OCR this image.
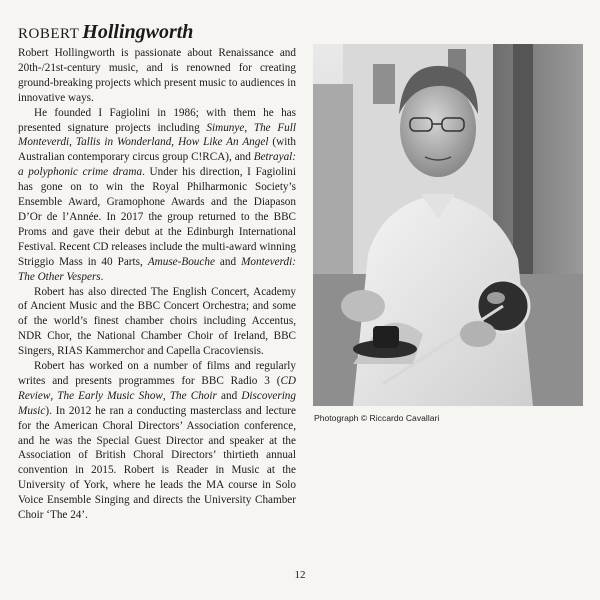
ROBERT Hollingworth

Robert Hollingworth is passionate about Renaissance and 20th-/21st-century music, and is renowned for creating ground-breaking projects which present music to audiences in innovative ways.

He founded I Fagiolini in 1986; with them he has presented signature projects including Simunye, The Full Monteverdi, Tallis in Wonderland, How Like An Angel (with Australian contemporary circus group C!RCA), and Betrayal: a polyphonic crime drama. Under his direction, I Fagiolini has gone on to win the Royal Philharmonic Society’s Ensemble Award, Gramophone Awards and the Diapason D’Or de l’Année. In 2017 the group returned to the BBC Proms and gave their debut at the Edinburgh International Festival. Recent CD releases include the multi-award winning Striggio Mass in 40 Parts, Amuse-Bouche and Monteverdi: The Other Vespers.

Robert has also directed The English Concert, Academy of Ancient Music and the BBC Concert Orchestra; and some of the world’s finest chamber choirs including Accentus, NDR Chor, the National Chamber Choir of Ireland, BBC Singers, RIAS Kammerchor and Capella Cracoviensis.

Robert has worked on a number of films and regularly writes and presents programmes for BBC Radio 3 (CD Review, The Early Music Show, The Choir and Discovering Music). In 2012 he ran a conducting masterclass and lecture for the American Choral Directors’ Association conference, and he was the Special Guest Director and speaker at the Association of British Choral Directors’ thirtieth annual convention in 2015. Robert is Reader in Music at the University of York, where he leads the MA course in Solo Voice Ensemble Singing and directs the University Chamber Choir ‘The 24’.

Photograph © Riccardo Cavallari
12
